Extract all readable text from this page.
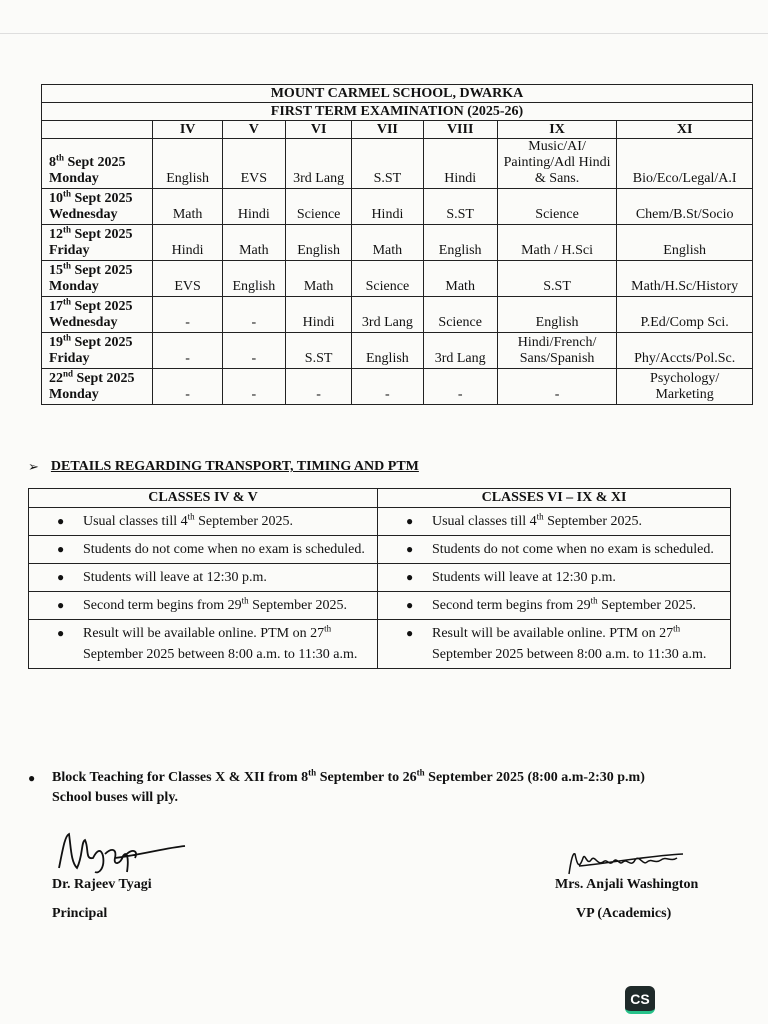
MOUNT CARMEL SCHOOL, DWARKA							
FIRST TERM EXAMINATION (2025-26)							
	IV	V	VI	VII	VIII	IX	XI
8th Sept 2025
Monday	English	EVS	3rd Lang	S.ST	Hindi	Music/AI/ Painting/Adl Hindi & Sans.	Bio/Eco/Legal/A.I
10th Sept 2025
Wednesday	Math	Hindi	Science	Hindi	S.ST	Science	Chem/B.St/Socio
12th Sept 2025
Friday	Hindi	Math	English	Math	English	Math / H.Sci	English
15th Sept 2025
Monday	EVS	English	Math	Science	Math	S.ST	Math/H.Sc/History
17th Sept 2025
Wednesday	-	-	Hindi	3rd Lang	Science	English	P.Ed/Comp Sci.
19th Sept 2025
Friday	-	-	S.ST	English	3rd Lang	Hindi/French/ Sans/Spanish	Phy/Accts/Pol.Sc.
22nd Sept 2025
Monday	-	-	-	-	-	-	Psychology/ Marketing
➢ DETAILS REGARDING TRANSPORT, TIMING AND PTM
CLASSES IV & V	CLASSES VI – IX & XI

● Usual classes till 4th September 2025.	● Usual classes till 4th September 2025.

● Students do not come when no exam is scheduled.	● Students do not come when no exam is scheduled.

● Students will leave at 12:30 p.m.	● Students will leave at 12:30 p.m.

● Second term begins from 29th September 2025.	● Second term begins from 29th September 2025.

● Result will be available online. PTM on 27th September 2025 between 8:00 a.m. to 11:30 a.m.	● Result will be available online. PTM on 27th September 2025 between 8:00 a.m. to 11:30 a.m.
● Block Teaching for Classes X & XII from 8th September to 26th September 2025 (8:00 a.m-2:30 p.m)
School buses will ply.
Dr. Rajeev Tyagi
Principal
Mrs. Anjali Washington
VP (Academics)
CS
